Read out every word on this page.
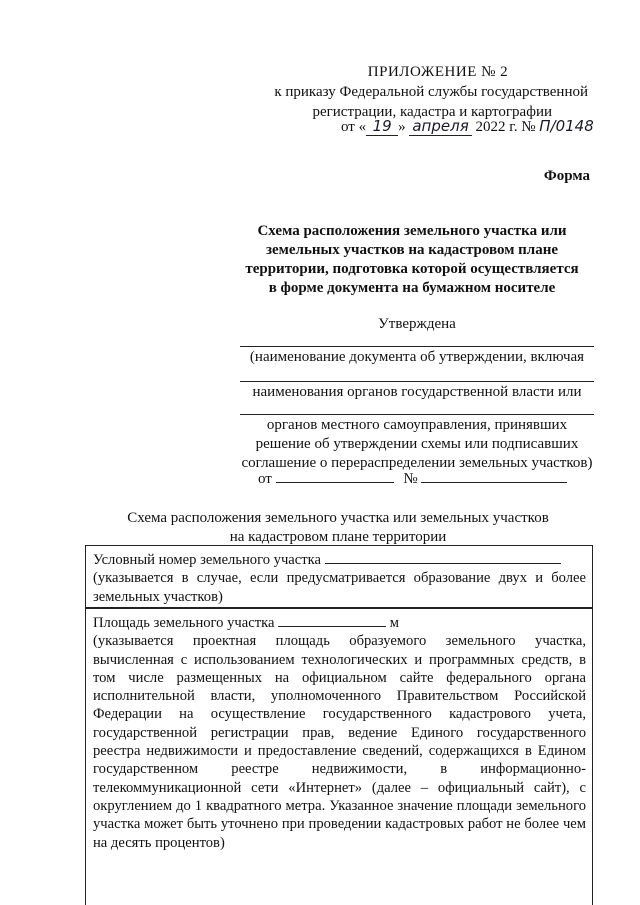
ПРИЛОЖЕНИЕ № 2
к приказу Федеральной службы государственной
регистрации, кадастра и картографии
от « 19 » апреля 2022 г. № П/0148
Форма
Схема расположения земельного участка или
земельных участков на кадастровом плане
территории, подготовка которой осуществляется
в форме документа на бумажном носителе
Утверждена
(наименование документа об утверждении, включая
наименования органов государственной власти или
органов местного самоуправления, принявших
решение об утверждении схемы или подписавших
соглашение о перераспределении земельных участков)
от	№
Схема расположения земельного участка или земельных участков
на кадастровом плане территории

Условный номер земельного участка

(указывается в случае, если предусматривается образование двух и более земельных участков)

Площадь земельного участка	м

(указывается проектная площадь образуемого земельного участка, вычисленная с использованием технологических и программных средств, в том числе размещенных на официальном сайте федерального органа исполнительной власти, уполномоченного Правительством Российской Федерации на осуществление государственного кадастрового учета, государственной регистрации прав, ведение Единого государственного реестра недвижимости и предоставление сведений, содержащихся в Едином государственном реестре недвижимости, в информационно-телекоммуникационной сети «Интернет» (далее – официальный сайт), с округлением до 1 квадратного метра. Указанное значение площади земельного участка может быть уточнено при проведении кадастровых работ не более чем на десять процентов)
